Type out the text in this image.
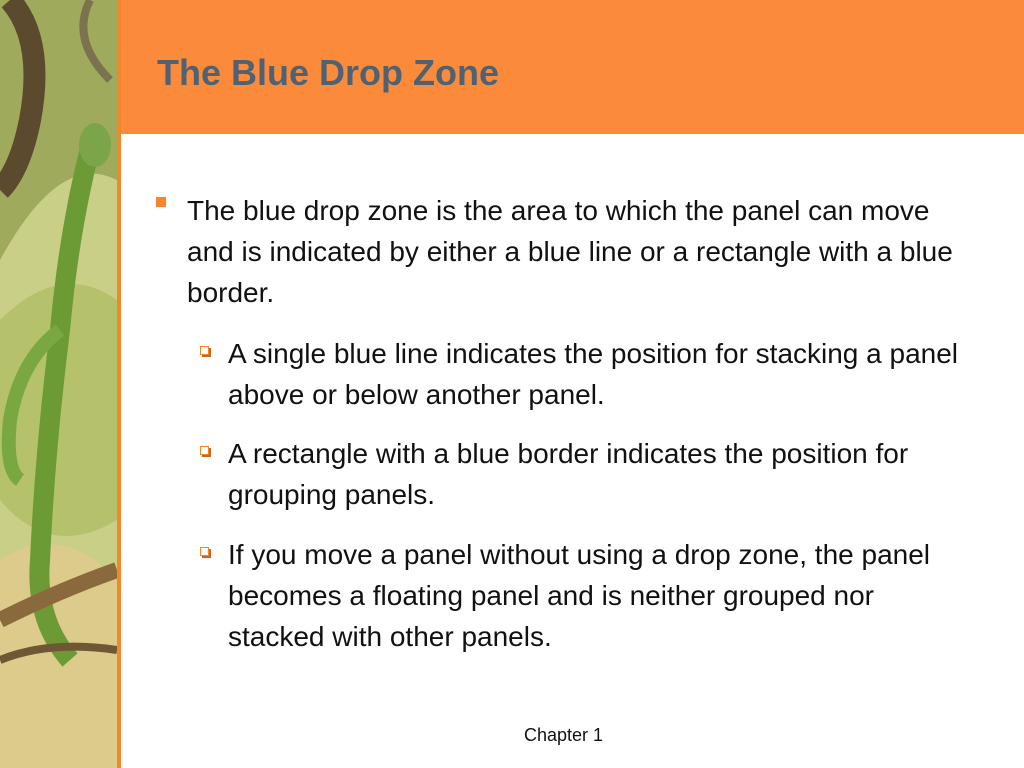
The Blue Drop Zone
The blue drop zone is the area to which the panel can move and is indicated by either a blue line or a rectangle with a blue border.
A single blue line indicates the position for stacking a panel above or below another panel.
A rectangle with a blue border indicates the position for grouping panels.
If you move a panel without using a drop zone, the panel becomes a floating panel and is neither grouped nor stacked with other panels.
Chapter 1
